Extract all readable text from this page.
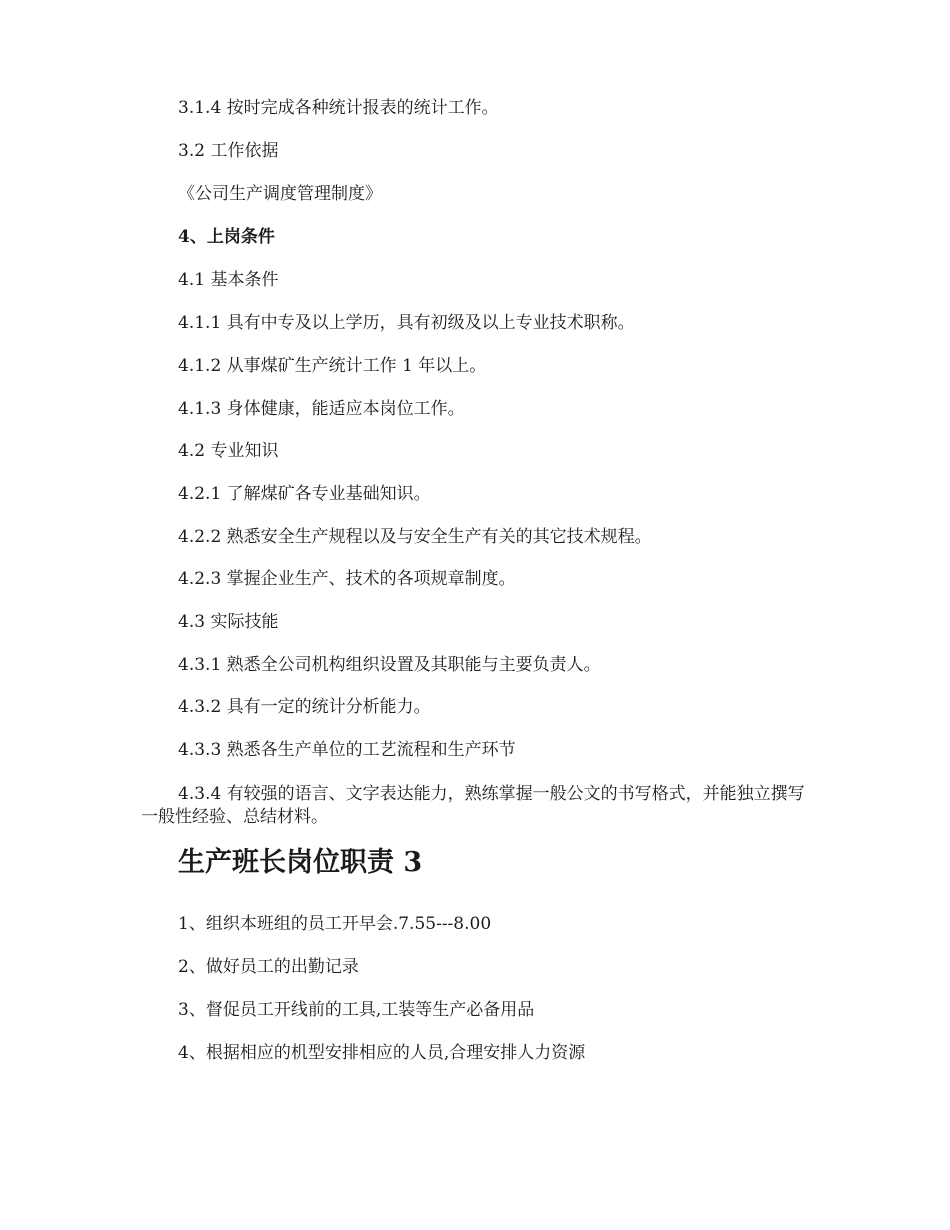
3.1.4 按时完成各种统计报表的统计工作。
3.2 工作依据
《公司生产调度管理制度》
4、上岗条件
4.1 基本条件
4.1.1 具有中专及以上学历，具有初级及以上专业技术职称。
4.1.2 从事煤矿生产统计工作 1 年以上。
4.1.3 身体健康，能适应本岗位工作。
4.2 专业知识
4.2.1 了解煤矿各专业基础知识。
4.2.2 熟悉安全生产规程以及与安全生产有关的其它技术规程。
4.2.3 掌握企业生产、技术的各项规章制度。
4.3 实际技能
4.3.1 熟悉全公司机构组织设置及其职能与主要负责人。
4.3.2 具有一定的统计分析能力。
4.3.3 熟悉各生产单位的工艺流程和生产环节
4.3.4 有较强的语言、文字表达能力，熟练掌握一般公文的书写格式，并能独立撰写一般性经验、总结材料。
生产班长岗位职责 3
1、组织本班组的员工开早会.7.55---8.00
2、做好员工的出勤记录
3、督促员工开线前的工具,工装等生产必备用品
4、根据相应的机型安排相应的人员,合理安排人力资源
